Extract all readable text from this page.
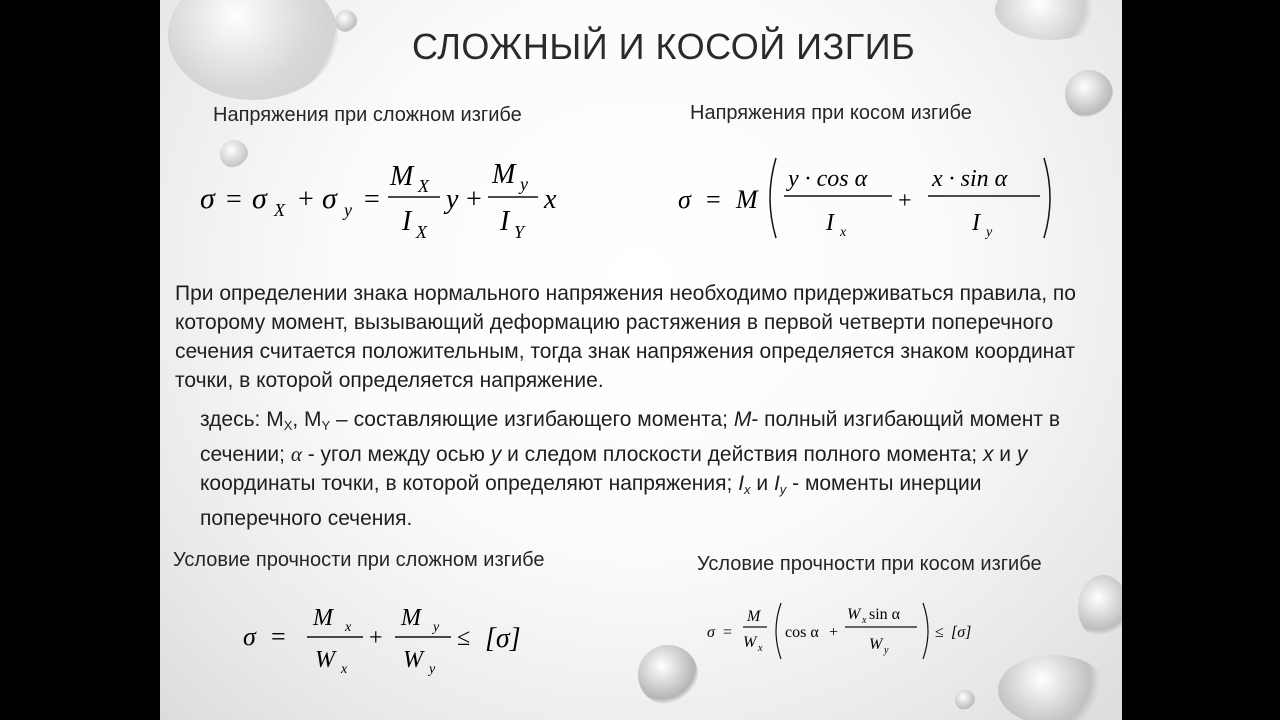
СЛОЖНЫЙ И КОСОЙ ИЗГИБ
Напряжения при сложном изгибе	Напряжения при косом изгибе
σ = σ X + σ y =
M X
I X
y +
M y
I Y
x	σ = M
y · cos α
I x
+
x · sin α
I y
При определении знака нормального напряжения необходимо придерживаться правила, по которому момент, вызывающий деформацию растяжения в первой четверти поперечного сечения считается положительным, тогда знак напряжения определяется знаком координат точки, в которой определяется напряжение.
здесь: $M_X$, $M_Y$ – составляющие изгибающего момента; M- полный изгибающий момент в сечении; α - угол между осью y и следом плоскости действия полного момента; x и y координаты точки, в которой определяют напряжения; $I_x$ и $I_y$ - моменты инерции поперечного сечения.
Условие прочности при сложном изгибе	Условие прочности при косом изгибе
σ =
M x
W x
+
M y
W y
≤ [σ]	σ =
M
W x
cos α +
W x sin α
W y
≤ [σ]
